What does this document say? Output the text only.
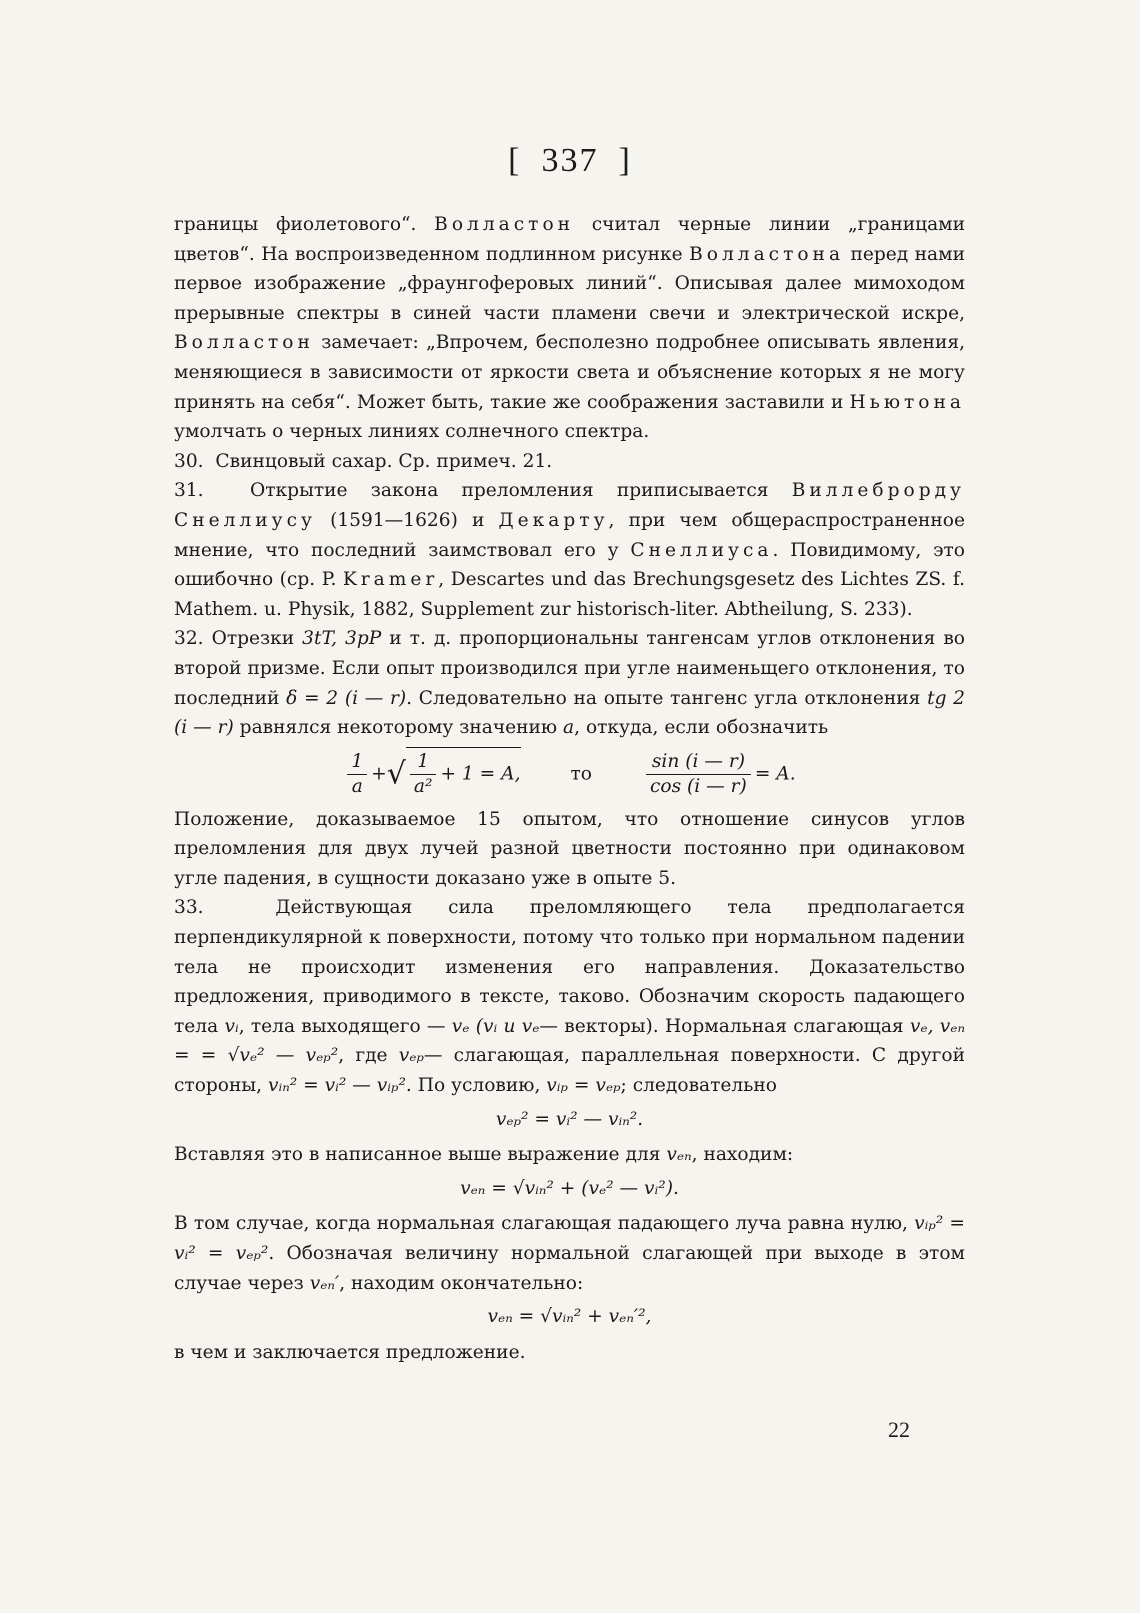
[ 337 ]

границы фиолетового“. Волластон считал черные линии „границами цветов“. На воспроизведенном подлинном рисунке Волластона перед нами первое изображение „фраунгоферовых линий“. Описывая далее мимоходом прерывные спектры в синей части пламени свечи и электрической искре, Волластон замечает: „Впрочем, бесполезно подробнее описывать явления, меняющиеся в зависимости от яркости света и объяснение которых я не могу принять на себя“. Может быть, такие же соображения заставили и Ньютона умолчать о черных линиях солнечного спектра.

30. Свинцовый сахар. Ср. примеч. 21.

31. Открытие закона преломления приписывается Виллеброрду Снеллиусу (1591—1626) и Декарту, при чем общераспространенное мнение, что последний заимствовал его у Снеллиуса. Повидимому, это ошибочно (ср. P. Kramer, Descartes und das Brechungsgesetz des Lichtes ZS. f. Mathem. u. Physik, 1882, Supplement zur historisch-liter. Abtheilung, S. 233).

32. Отрезки 3tT, 3pP и т. д. пропорциональны тангенсам углов отклонения во второй призме. Если опыт производился при угле наименьщего отклонения, то последний δ = 2 (i — r). Следовательно на опыте тангенс угла отклонения tg 2 (i — r) равнялся некоторому значению a, откуда, если обозначить

$\frac{1}{a}$ +√ $\frac{1}{\text{a²}} + 1 = A$,	то	$\frac{\sin (i — r)}{\cos (i — r)} = A$.

Положение, доказываемое 15 опытом, что отношение синусов углов преломления для двух лучей разной цветности постоянно при одинаковом угле падения, в сущности доказано уже в опыте 5.

33.	Действующая сила преломляющего тела предполагается перпендикулярной к поверхности, потому что только при нормальном падении тела не происходит изменения его направления. Доказательство предложения, приводимого в тексте, таково. Обозначим скорость падающего тела vᵢ, тела выходящего — vₑ (vᵢ и vₑ— векторы). Нормальная слагающая vₑ, vₑₙ = = √vₑ² — vₑₚ², где vₑₚ— слагающая, параллельная поверхности. С другой стороны, vᵢₙ² = vᵢ² — vᵢₚ². По условию, vᵢₚ = vₑₚ; следовательно

vₑₚ² = vᵢ² — vᵢₙ².

Вставляя это в написанное выше выражение для vₑₙ, находим:

vₑₙ = √vᵢₙ² + (vₑ² — vᵢ²).

В том случае, когда нормальная слагающая падающего луча равна нулю, vᵢₚ² = vᵢ² = vₑₚ². Обозначая величину нормальной слагающей при выходе в этом случае через vₑₙ′, находим окончательно:

vₑₙ = √vᵢₙ² + vₑₙ′²,

в чем и заключается предложение.

22
